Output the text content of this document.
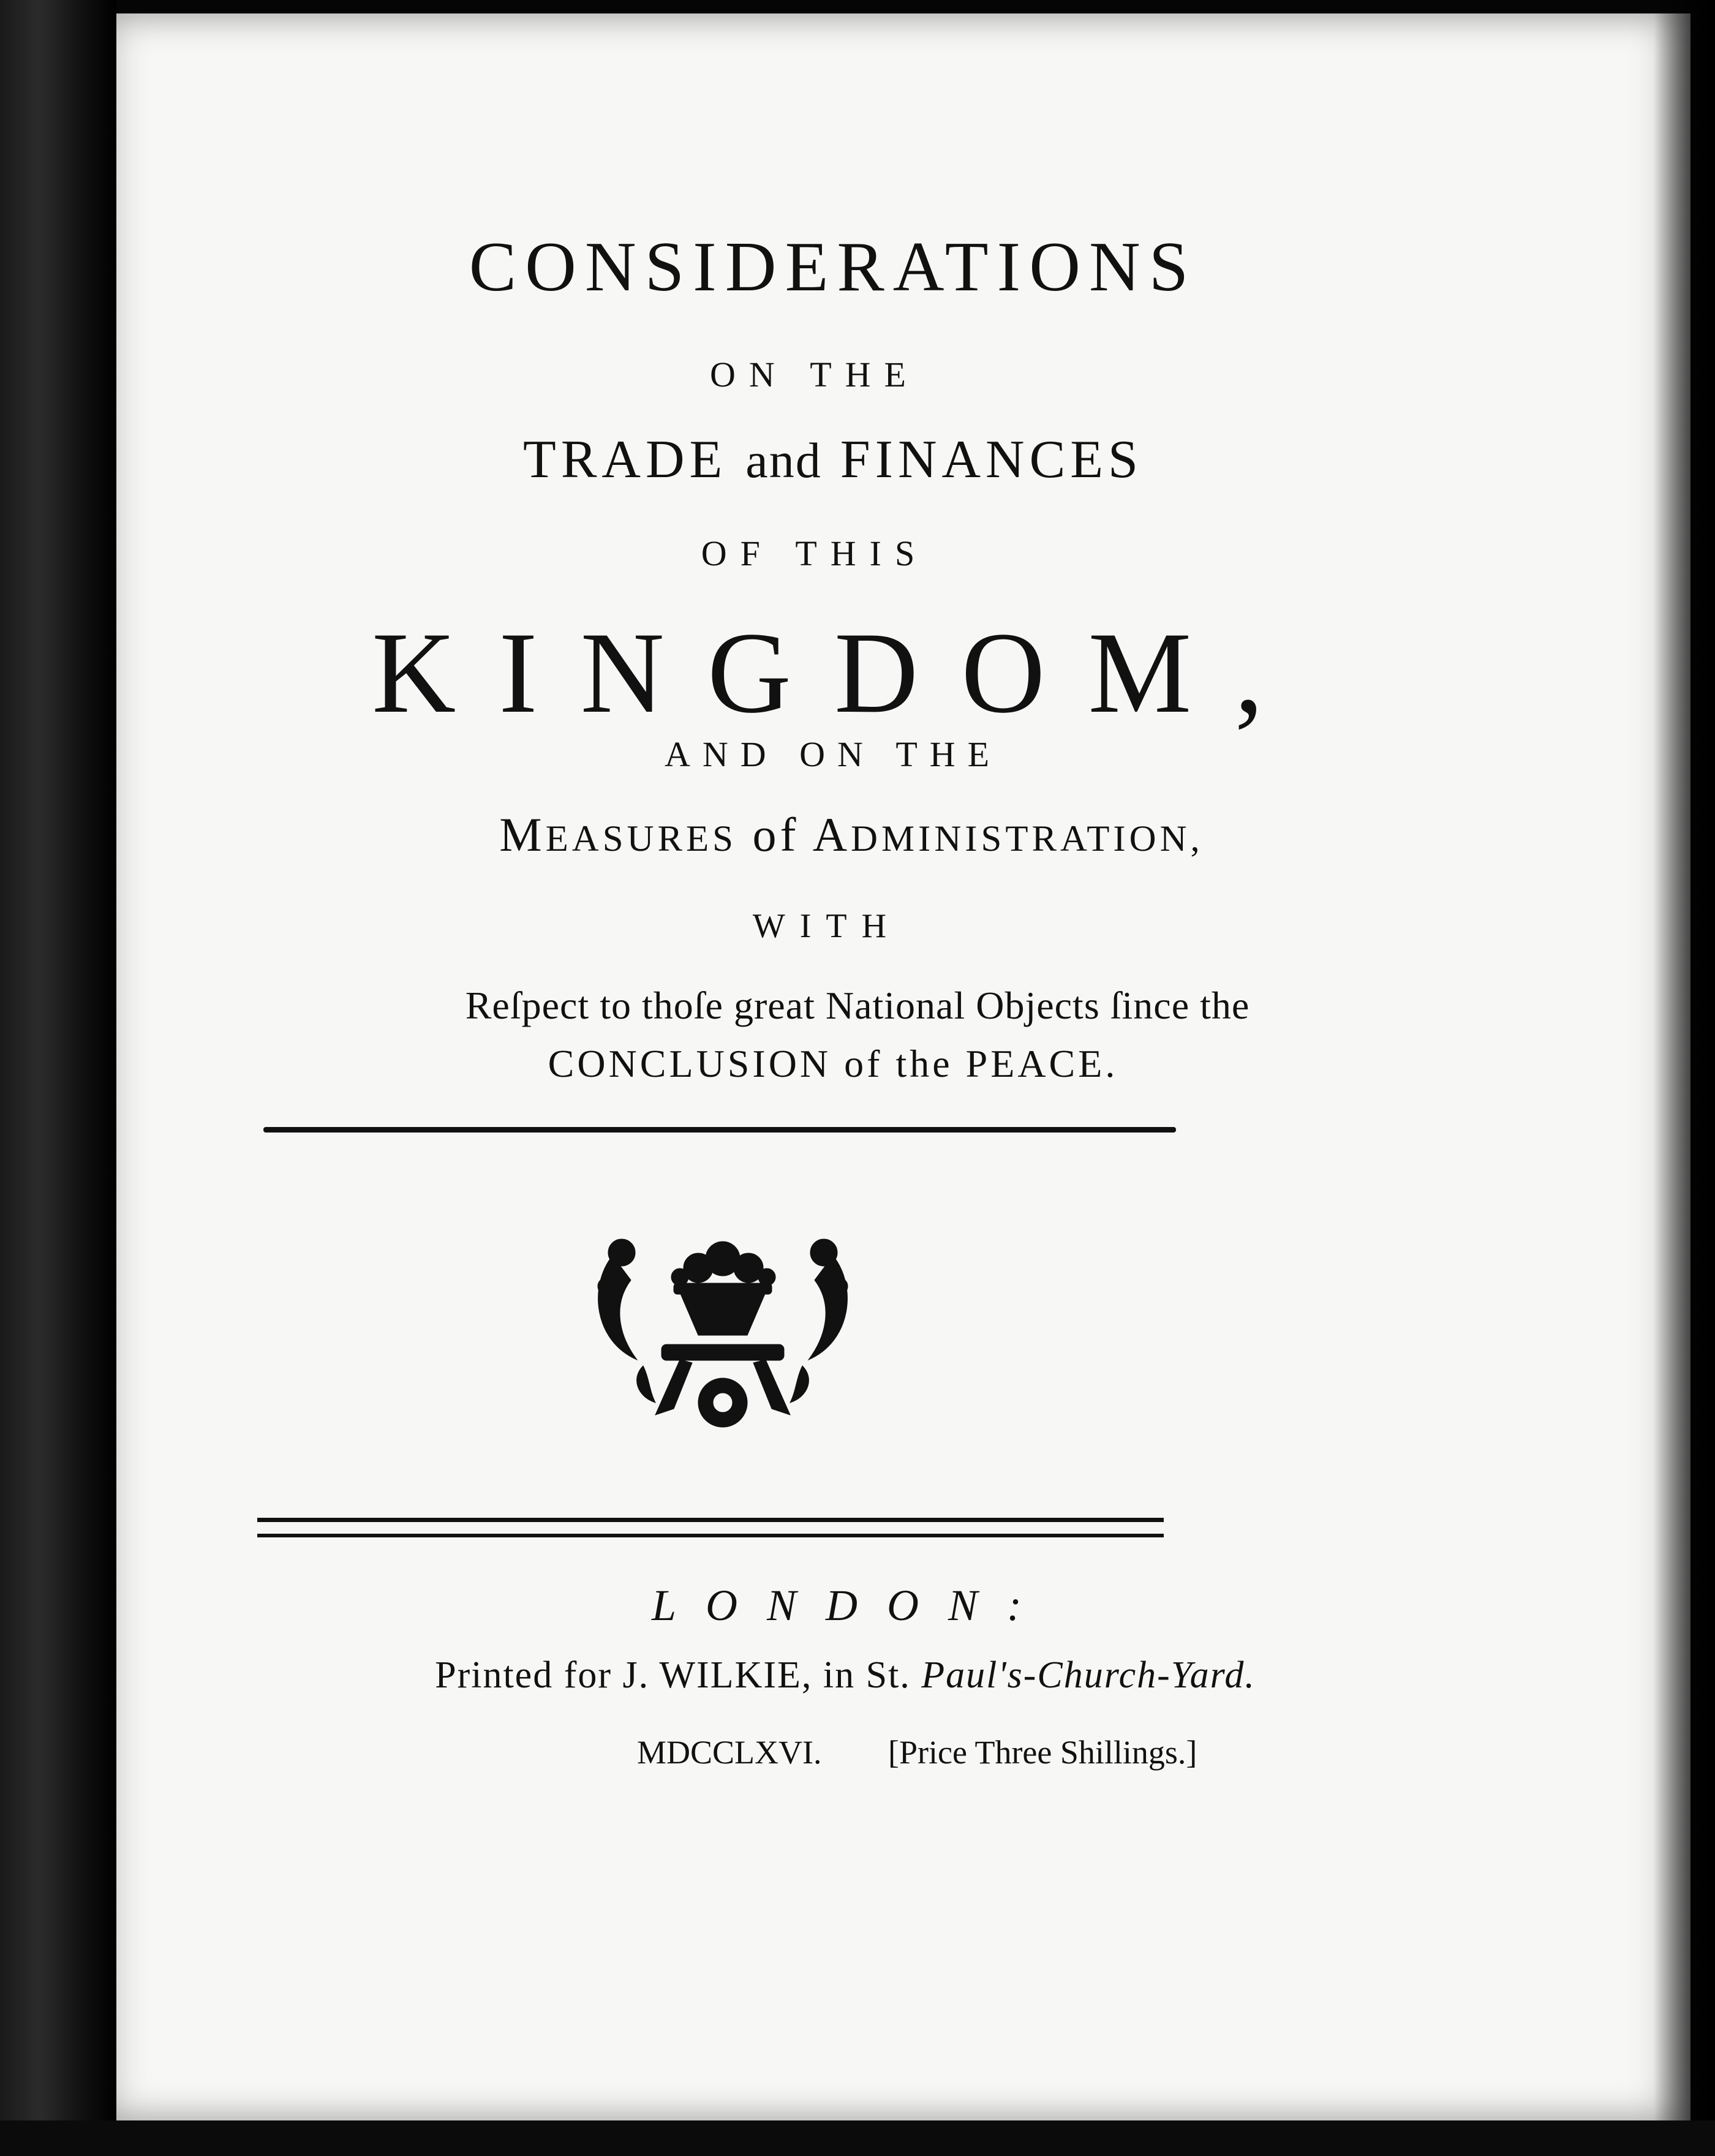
CONSIDERATIONS
ON THE
TRADE and FINANCES
OF THIS
KINGDOM,
AND ON THE
MEASURES of ADMINISTRATION,
WITH
Reſpect to thoſe great National Objects ſince the
CONCLUSION of the PEACE.
LONDON:
Printed for J. WILKIE, in St. Paul's-Church-Yard.
MDCCLXVI. [Price Three Shillings.]
